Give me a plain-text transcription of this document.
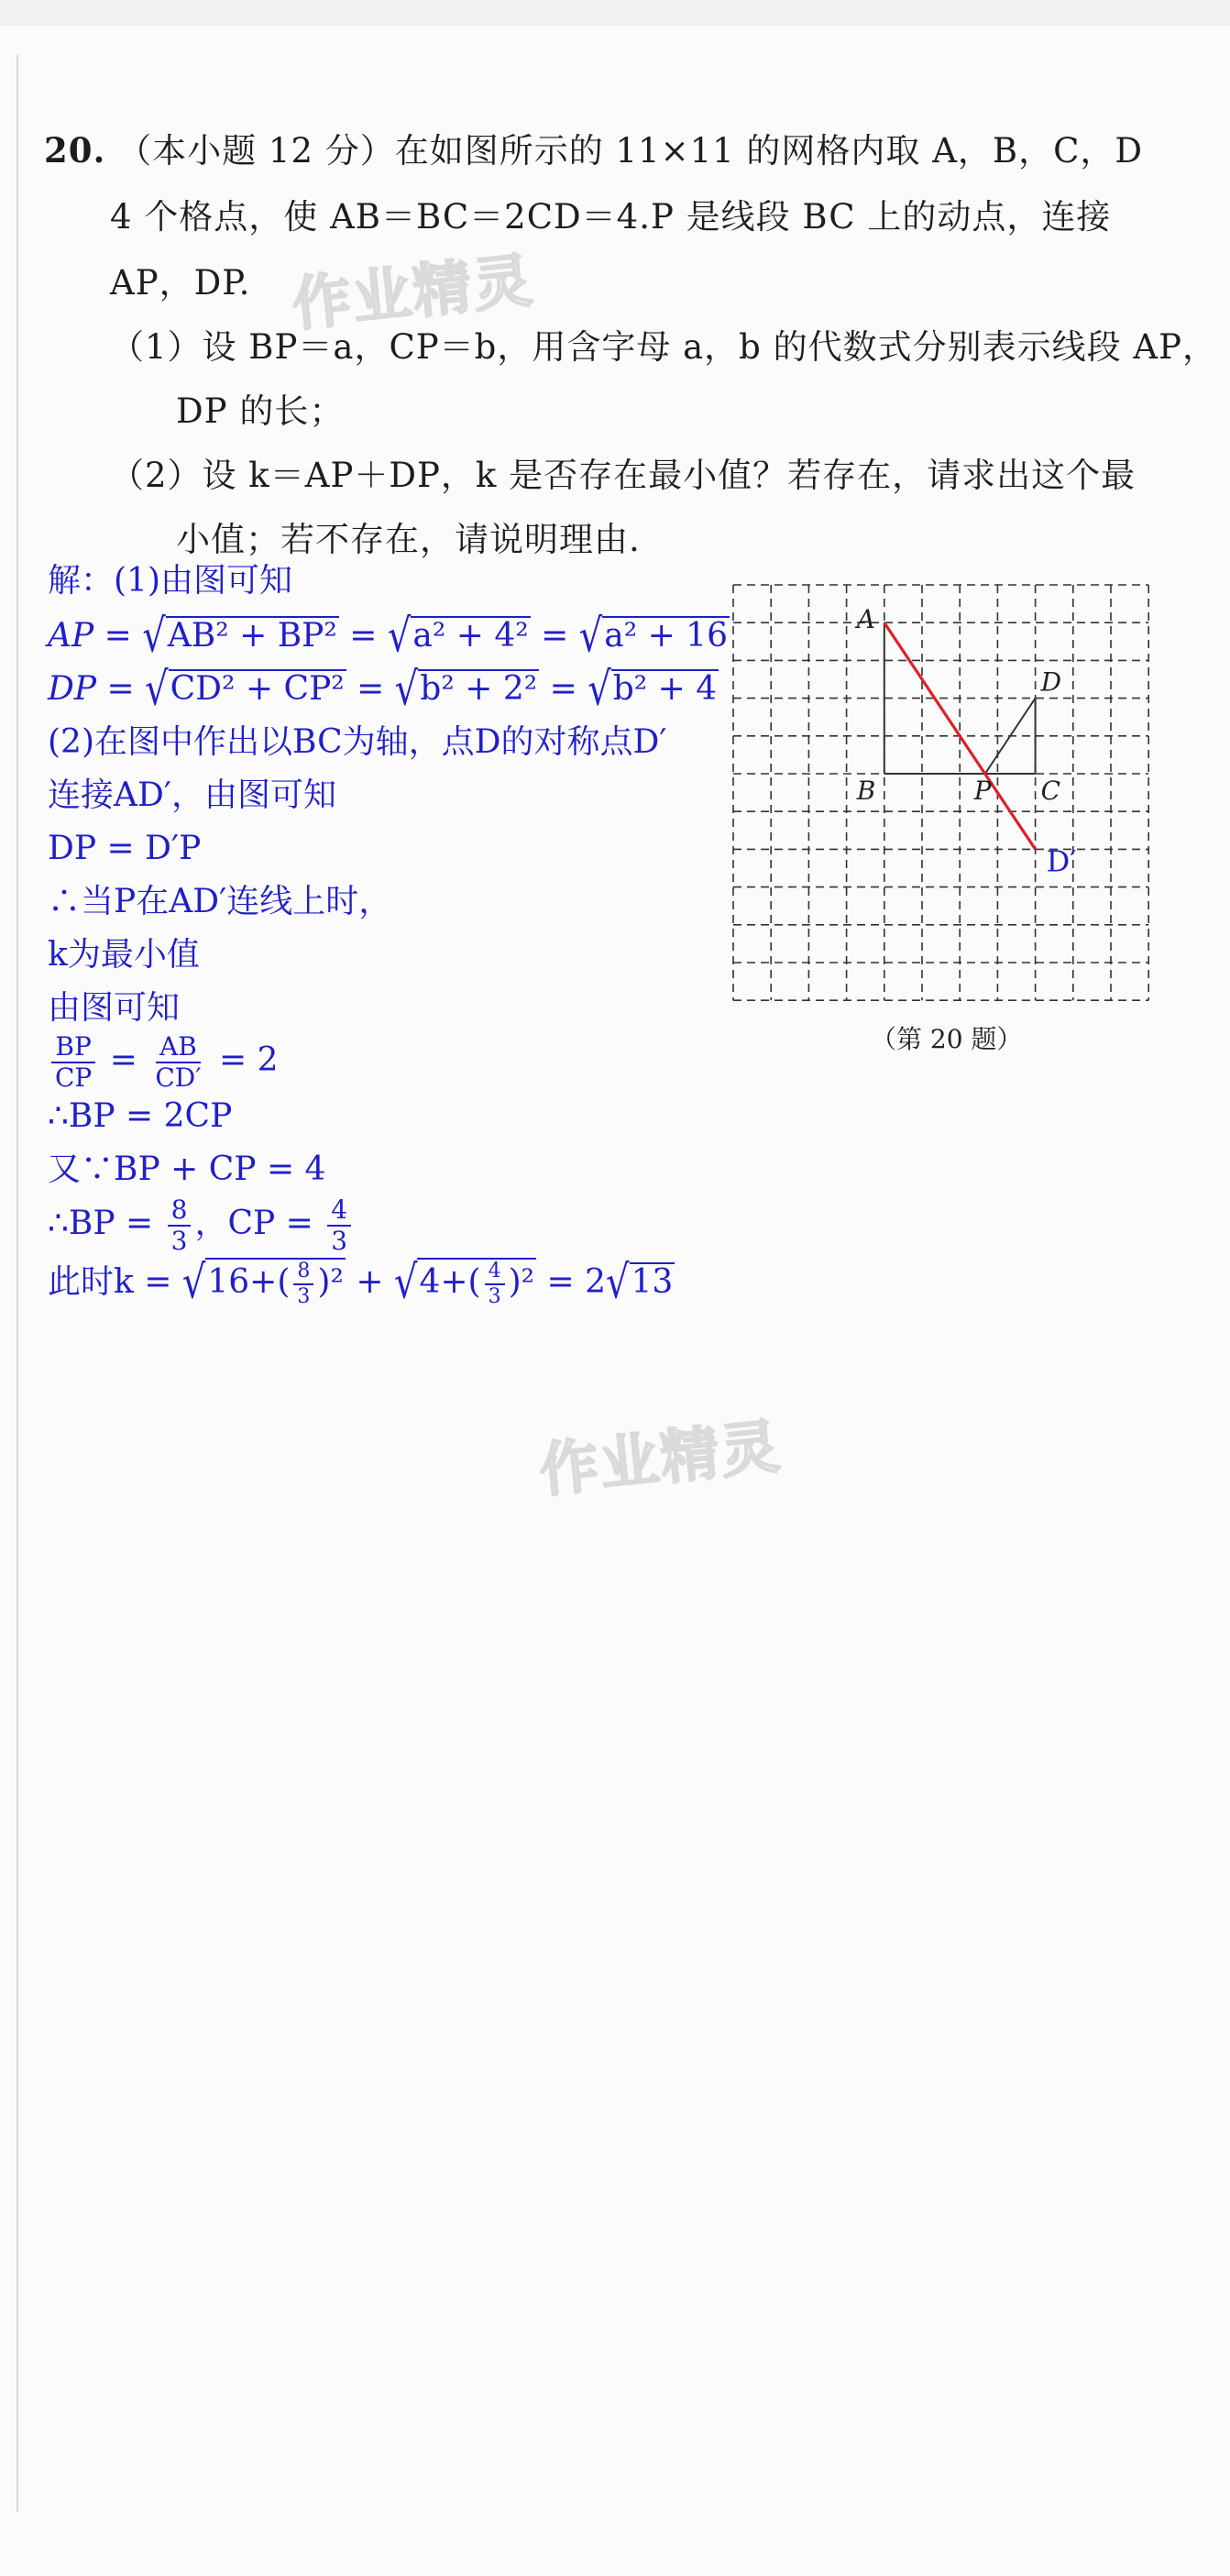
20. （本小题 12 分）在如图所示的 11×11 的网格内取 A，B，C，D
4 个格点，使 AB＝BC＝2CD＝4.P 是线段 BC 上的动点，连接
AP，DP.
（1）设 BP＝a，CP＝b，用含字母 a，b 的代数式分别表示线段 AP，
DP 的长；
（2）设 k＝AP＋DP，k 是否存在最小值？若存在，请求出这个最
小值；若不存在，请说明理由.
解：(1)由图可知
AP = √AB² + BP² = √a² + 4² = √a² + 16
DP = √CD² + CP² = √b² + 2² = √b² + 4
(2)在图中作出以BC为轴，点D的对称点D′
连接AD′，由图可知
DP = D′P
∴当P在AD′连线上时，
k为最小值
由图可知
$\frac{BP}{CP} = \frac{AB}{CD'} = 2$
∴BP = 2CP
又∵BP + CP = 4
∴BP = $\frac{8}{3}$ ，CP = $\frac{4}{3}$
此时$k = √16+( \frac{8}{3} )^2 + √4+( \frac{4}{3} )^2 = 2√13$
A
B	C
D
P
D′
（第 20 题）
作业精灵
作业精灵
